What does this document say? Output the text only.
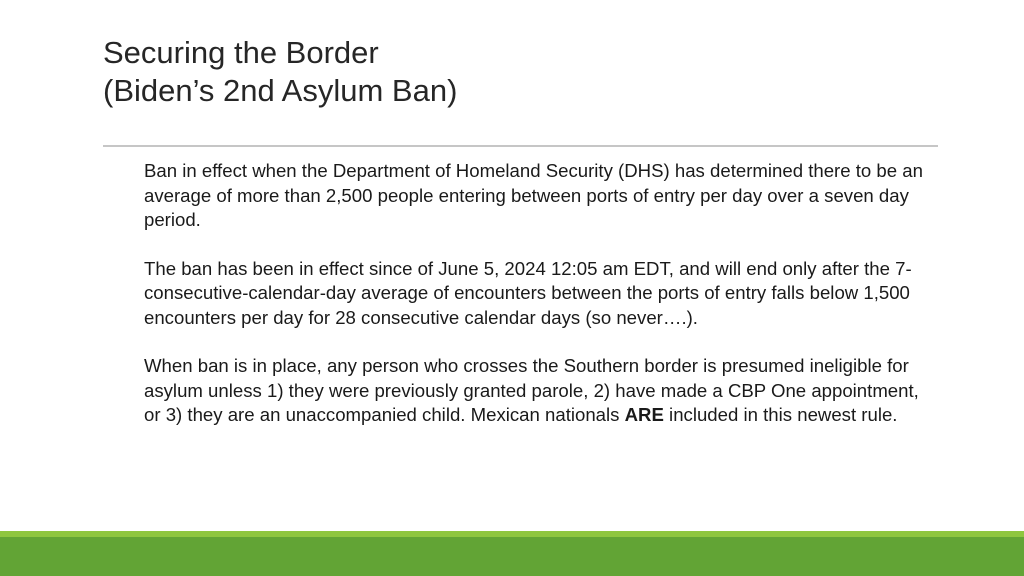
Securing the Border
(Biden’s 2nd Asylum Ban)

Ban in effect when the Department of Homeland Security (DHS) has determined there to be an average of more than 2,500 people entering between ports of entry per day over a seven day period.

The ban has been in effect since of June 5, 2024 12:05 am EDT, and will end only after the 7-consecutive-calendar-day average of encounters between the ports of entry falls below 1,500 encounters per day for 28 consecutive calendar days (so never….).

When ban is in place, any person who crosses the Southern border is presumed ineligible for asylum unless 1) they were previously granted parole, 2) have made a CBP One appointment, or 3) they are an unaccompanied child. Mexican nationals ARE included in this newest rule.
